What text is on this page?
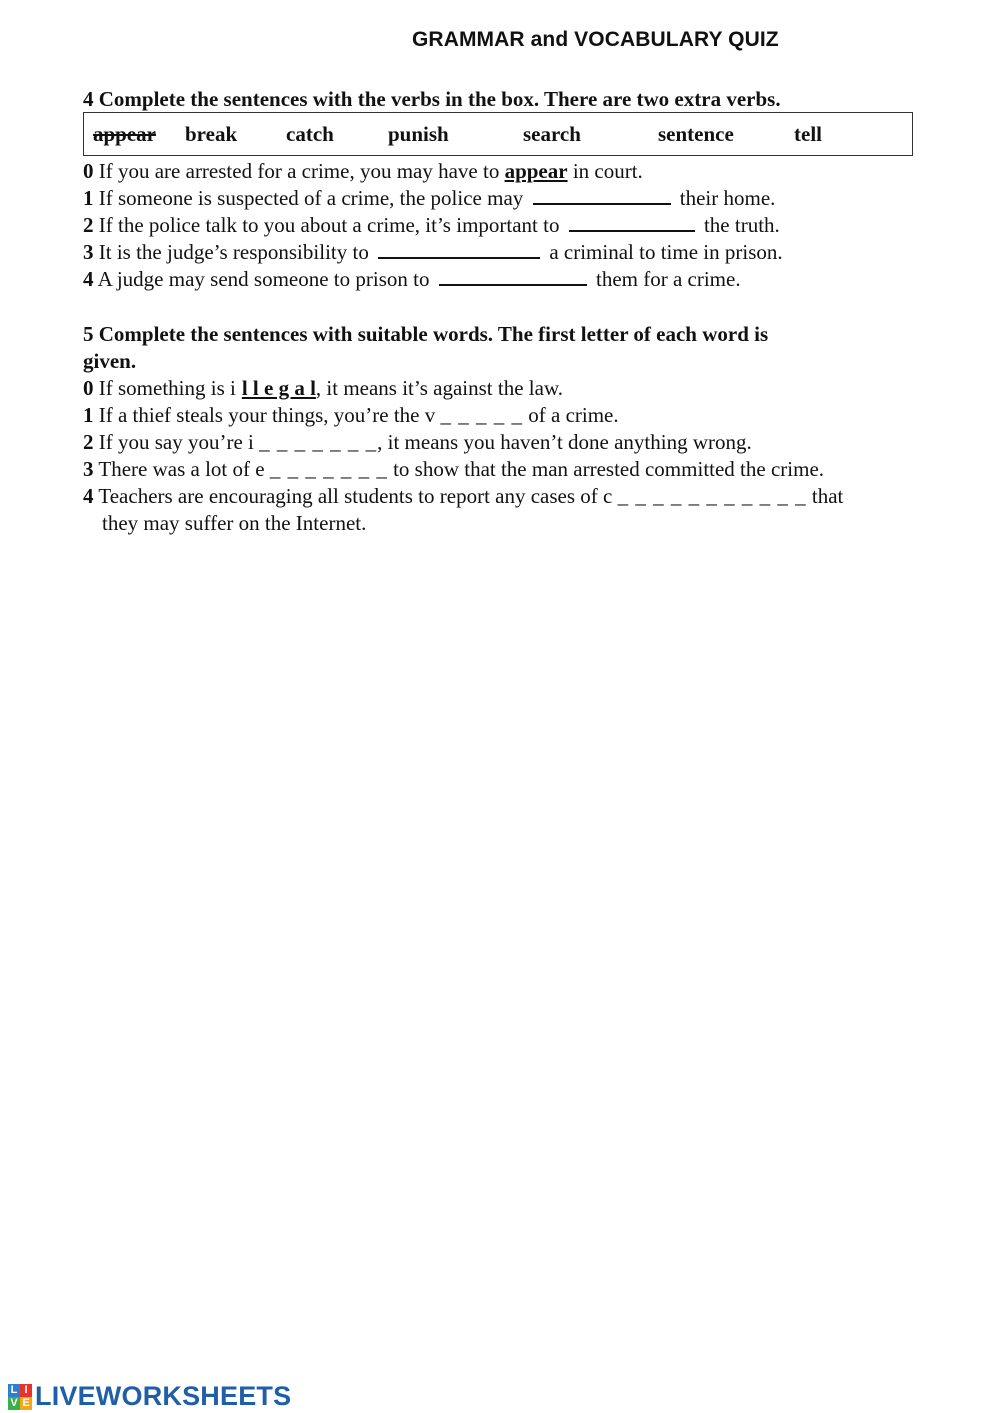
GRAMMAR and VOCABULARY QUIZ
4 Complete the sentences with the verbs in the box. There are two extra verbs.
appear break catch	punish	search	sentence	tell
0 If you are arrested for a crime, you may have to appear in court.
1 If someone is suspected of a crime, the police may	their home.
2 If the police talk to you about a crime, it’s important to	the truth.
3 It is the judge’s responsibility to	a criminal to time in prison.
4 A judge may send someone to prison to	them for a crime.
5 Complete the sentences with suitable words. The first letter of each word is
given.
0 If something is i l l e g a l, it means it’s against the law.
1 If a thief steals your things, you’re the v _ _ _ _ _ of a crime.
2 If you say you’re i _ _ _ _ _ _ _, it means you haven’t done anything wrong.
3 There was a lot of e _ _ _ _ _ _ _ to show that the man arrested committed the crime.
4 Teachers are encouraging all students to report any cases of c _ _ _ _ _ _ _ _ _ _ _ that
they may suffer on the Internet.
L I
V E LIVEWORKSHEETS
